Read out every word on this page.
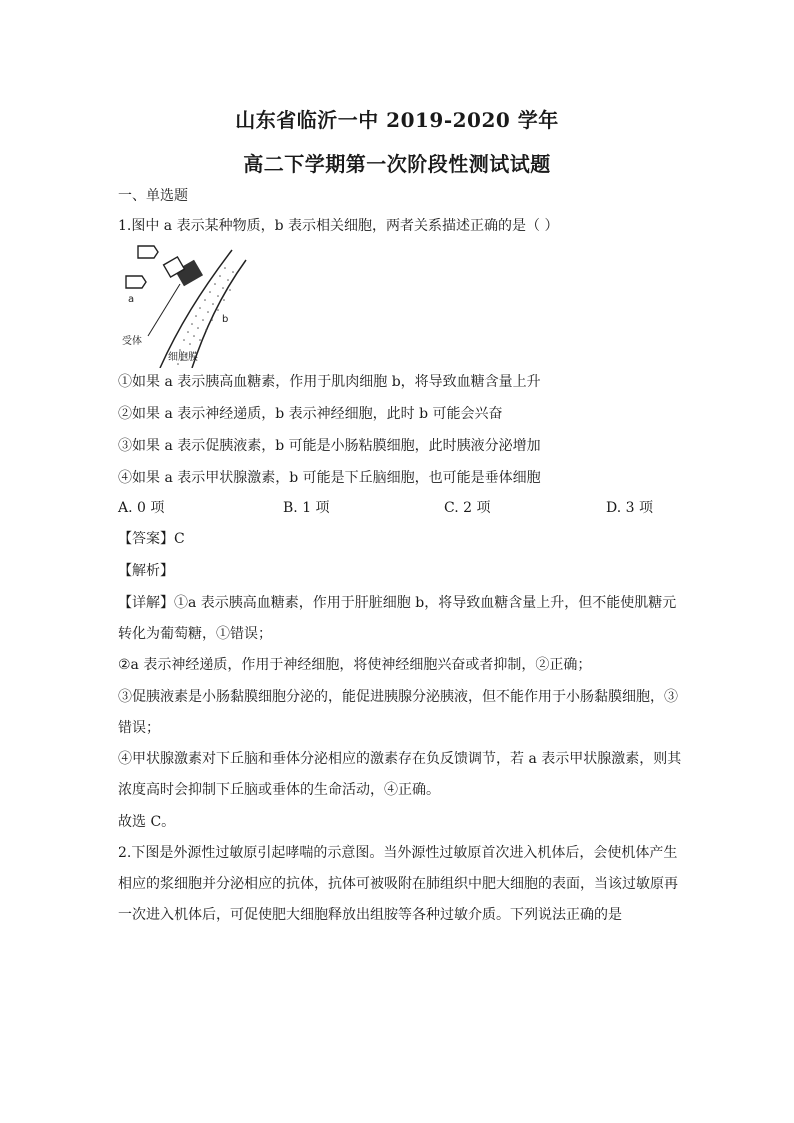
山东省临沂一中 2019-2020 学年
高二下学期第一次阶段性测试试题
一、单选题
1.图中 a 表示某种物质，b 表示相关细胞，两者关系描述正确的是（ ）
a
b
受体
细胞膜
①如果 a 表示胰高血糖素，作用于肌肉细胞 b，将导致血糖含量上升
②如果 a 表示神经递质，b 表示神经细胞，此时 b 可能会兴奋
③如果 a 表示促胰液素，b 可能是小肠粘膜细胞，此时胰液分泌增加
④如果 a 表示甲状腺激素，b 可能是下丘脑细胞，也可能是垂体细胞
A. 0 项	B. 1 项	C. 2 项	D. 3 项
【答案】C
【解析】
【详解】①a 表示胰高血糖素，作用于肝脏细胞 b，将导致血糖含量上升，但不能使肌糖元
转化为葡萄糖，①错误；
②a 表示神经递质，作用于神经细胞，将使神经细胞兴奋或者抑制，②正确；
③促胰液素是小肠黏膜细胞分泌的，能促进胰腺分泌胰液，但不能作用于小肠黏膜细胞，③
错误；
④甲状腺激素对下丘脑和垂体分泌相应的激素存在负反馈调节，若 a 表示甲状腺激素，则其
浓度高时会抑制下丘脑或垂体的生命活动，④正确。
故选 C。
2.下图是外源性过敏原引起哮喘的示意图。当外源性过敏原首次进入机体后，会使机体产生
相应的浆细胞并分泌相应的抗体，抗体可被吸附在肺组织中肥大细胞的表面，当该过敏原再
一次进入机体后，可促使肥大细胞释放出组胺等各种过敏介质。下列说法正确的是
